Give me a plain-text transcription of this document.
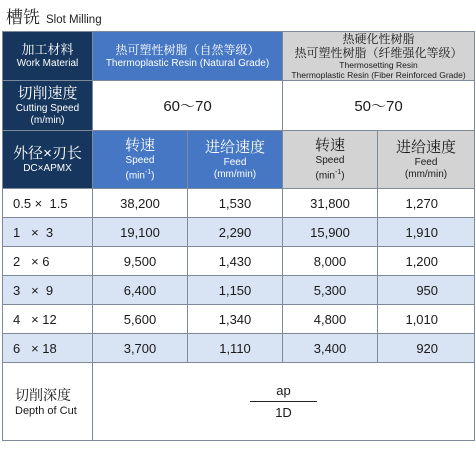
槽铣 Slot Milling
加工材料
Work Material	热可塑性树脂（自然等级）
Thermoplastic Resin (Natural Grade)		热硬化性树脂
热可塑性树脂（纤维强化等级）
Thermosetting Resin
Thermoplastic Resin (Fiber Reinforced Grade)	

切削速度
Cutting Speed
(m/min)	60～70		50～70	

外径×刃长
DC×APMX	转速
Speed
$(\min^{-1})$	进给速度
Feed
(mm/min)	转速
Speed
$(\min^{-1})$	进给速度
Feed
(mm/min)

0.5 ×  1.5	38,200	1,530	31,800	1,270
1   ×  3	19,100	2,290	15,900	1,910
2   × 6	9,500	1,430	8,000	1,200
3   ×  9	6,400	1,150	5,300	950
4   × 12	5,600	1,340	4,800	1,010
6   × 18	3,700	1,110	3,400	920

切削深度
Depth of Cut	$\frac{ap}{1D}$
